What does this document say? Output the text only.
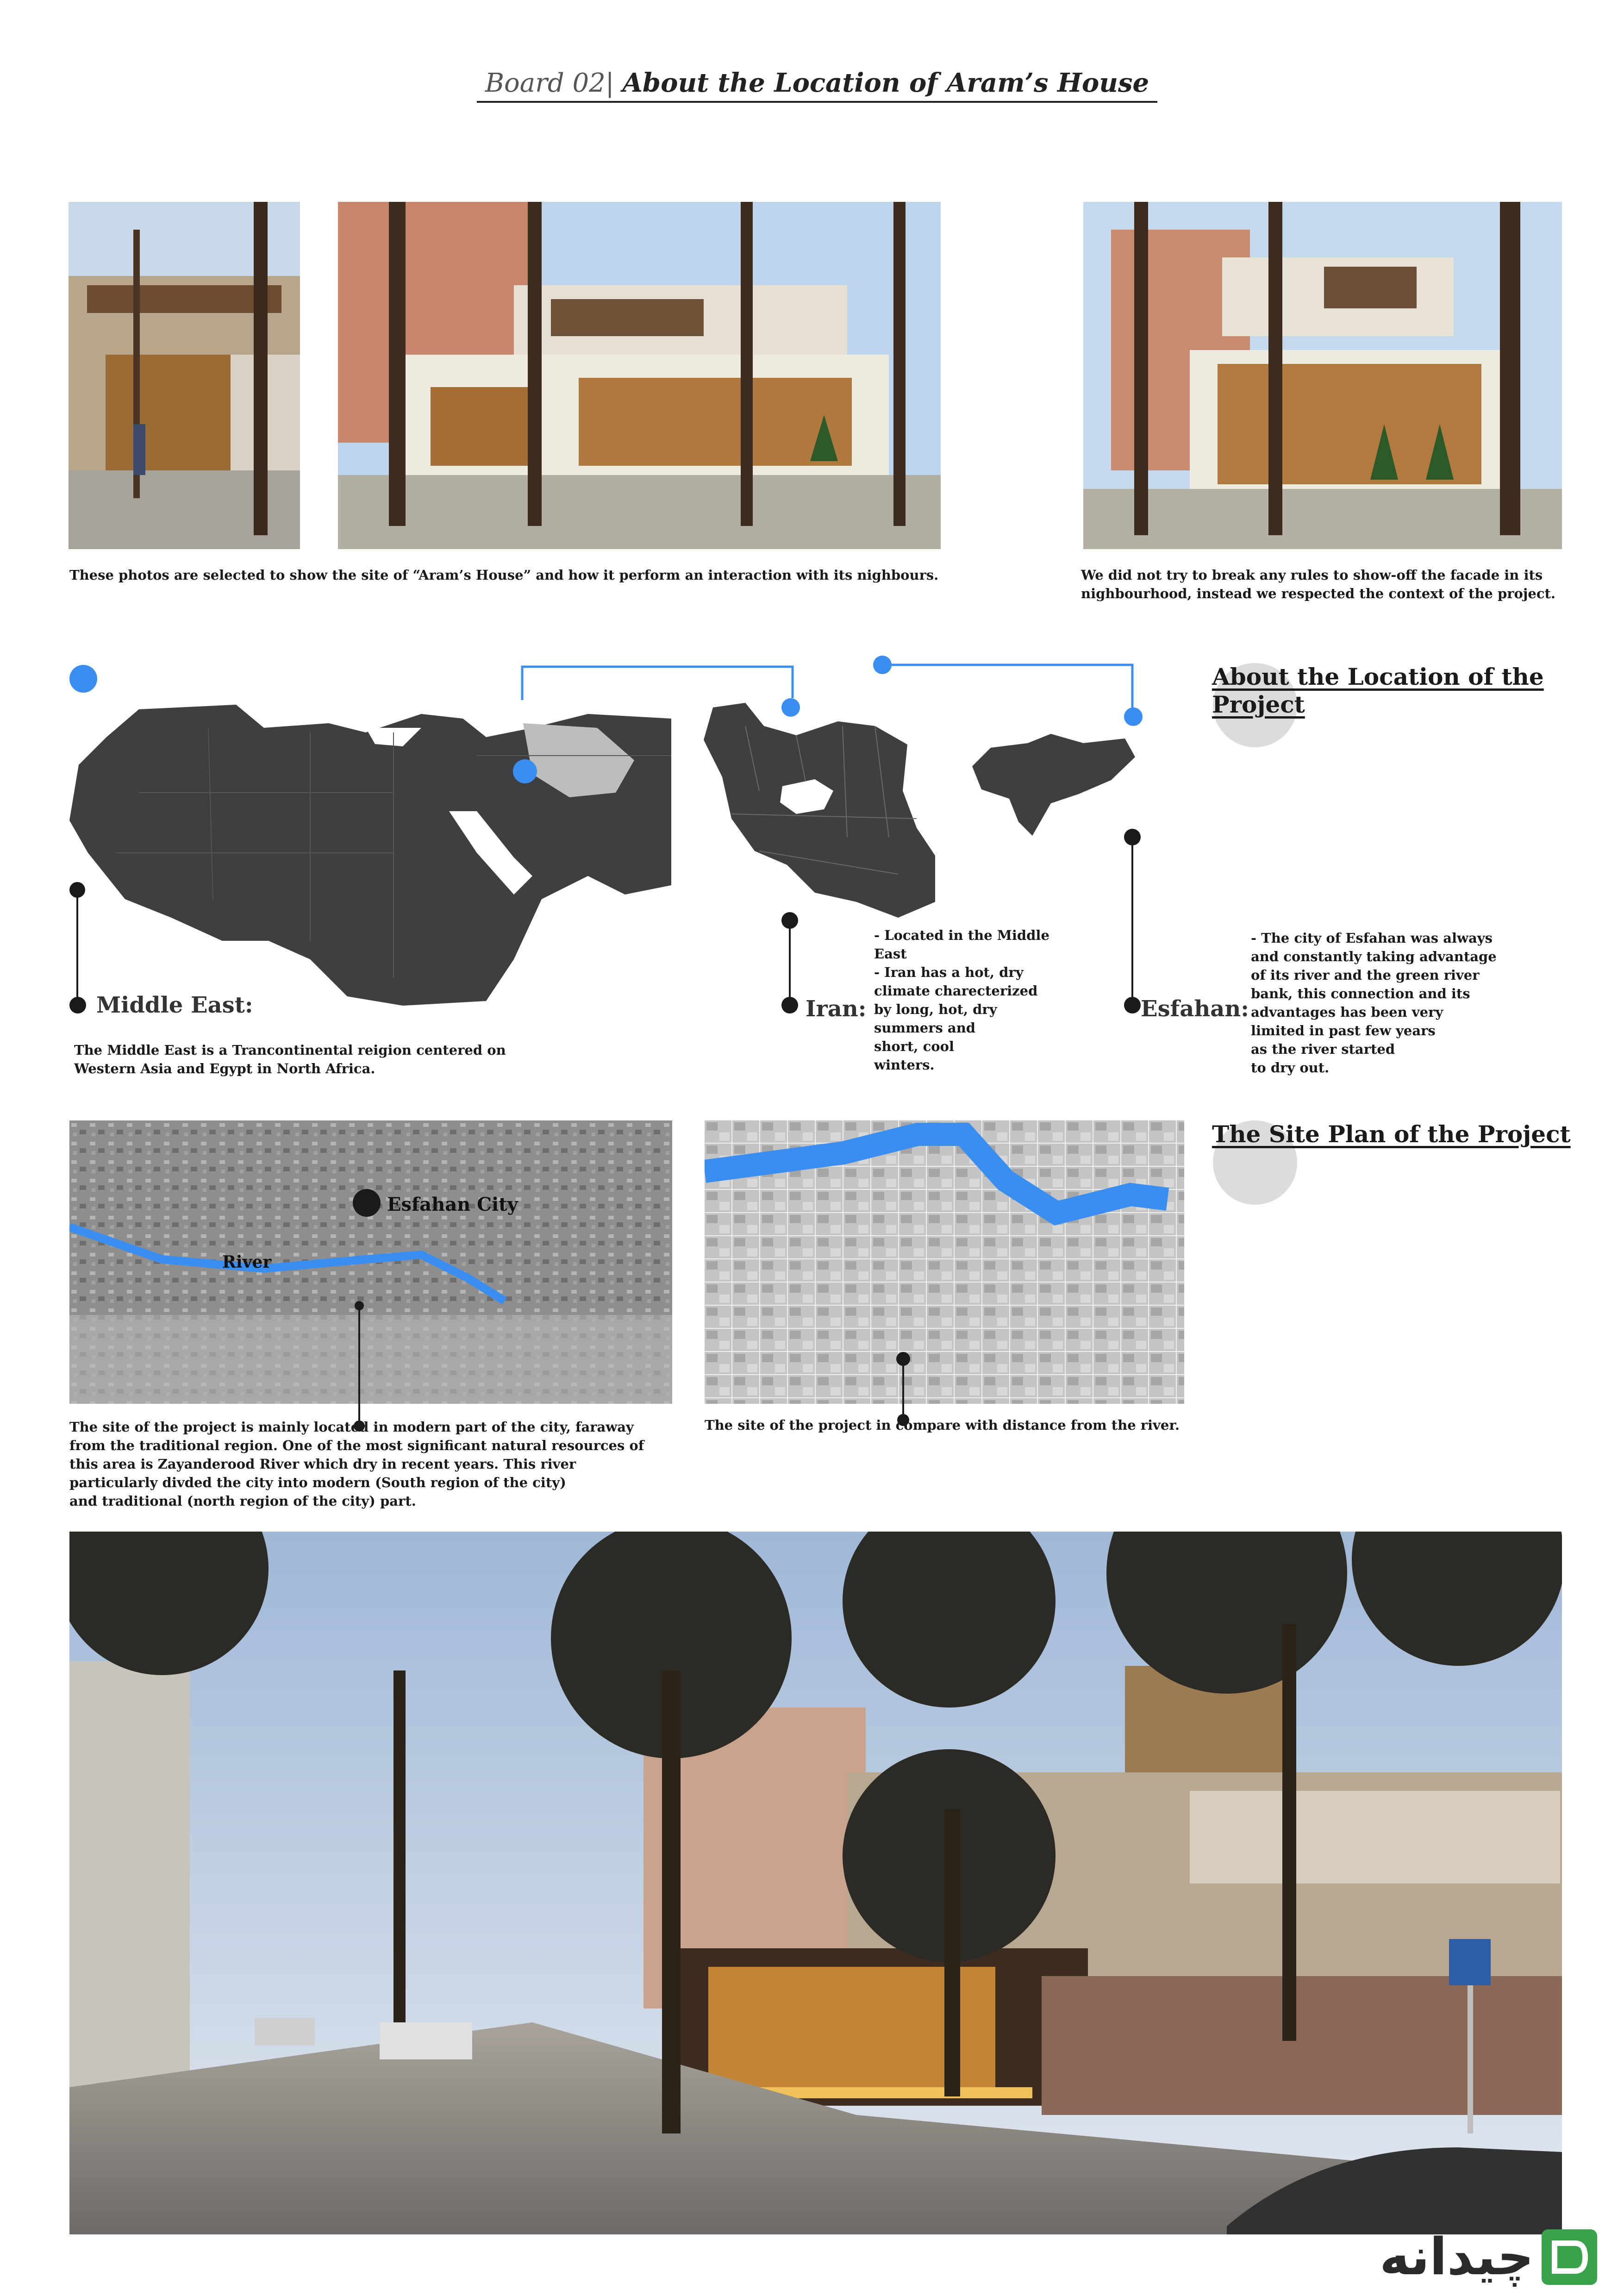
Board 02| About the Location of Aram’s House
These photos are selected to show the site of “Aram’s House” and how it perform an interaction with its nighbours.	We did not try to break any rules to show-off the facade in its
nighbourhood, instead we respected the context of the project.
About the Location of the
Project
Middle East:
The Middle East is a Trancontinental reigion centered on
Western Asia and Egypt in North Africa.
Iran:
- Located in the Middle
East
- Iran has a hot, dry
climate charecterized
by long, hot, dry
summers and
short, cool
winters.
Esfahan:
- The city of Esfahan was always
and constantly taking advantage
of its river and the green river
bank, this connection and its
advantages has been very
limited in past few years
as the river started
to dry out.
The Site Plan of the Project
Esfahan City
River
The site of the project is mainly located in modern part of the city, faraway
from the traditional region. One of the most significant natural resources of
this area is Zayanderood River which dry in recent years. This river
particularly divded the city into modern (South region of the city)
and traditional (north region of the city) part.
The site of the project in compare with distance from the river.
چیدانه
